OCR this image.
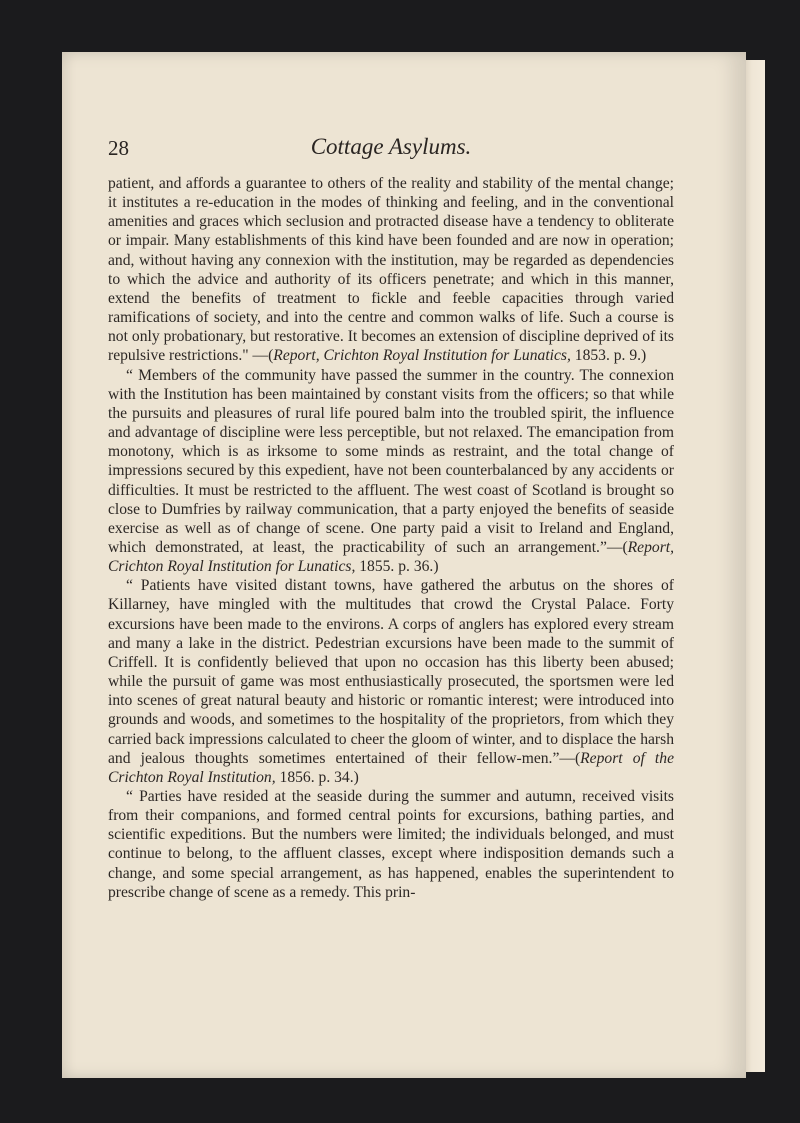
28	Cottage Asylums.

patient, and affords a guarantee to others of the reality and stability of the mental change; it institutes a re-education in the modes of thinking and feeling, and in the conventional amenities and graces which seclusion and protracted disease have a tendency to obliterate or impair. Many establishments of this kind have been founded and are now in operation; and, without having any connexion with the institution, may be regarded as dependencies to which the advice and authority of its officers penetrate; and which in this manner, extend the benefits of treatment to fickle and feeble capacities through varied ramifications of society, and into the centre and common walks of life. Such a course is not only probationary, but restorative. It becomes an extension of discipline deprived of its repulsive restrictions." —(Report, Crichton Royal Institution for Lunatics, 1853. p. 9.)

“ Members of the community have passed the summer in the country. The connexion with the Institution has been maintained by constant visits from the officers; so that while the pursuits and pleasures of rural life poured balm into the troubled spirit, the influence and advantage of discipline were less perceptible, but not relaxed. The emancipation from monotony, which is as irksome to some minds as restraint, and the total change of impressions secured by this expedient, have not been counterbalanced by any accidents or difficulties. It must be restricted to the affluent. The west coast of Scotland is brought so close to Dumfries by railway communication, that a party enjoyed the benefits of seaside exercise as well as of change of scene. One party paid a visit to Ireland and England, which demonstrated, at least, the practicability of such an arrangement.”—(Report, Crichton Royal Institution for Lunatics, 1855. p. 36.)

“ Patients have visited distant towns, have gathered the arbutus on the shores of Killarney, have mingled with the multitudes that crowd the Crystal Palace. Forty excursions have been made to the environs. A corps of anglers has explored every stream and many a lake in the district. Pedestrian excursions have been made to the summit of Criffell. It is confidently believed that upon no occasion has this liberty been abused; while the pursuit of game was most enthusiastically prosecuted, the sportsmen were led into scenes of great natural beauty and historic or romantic interest; were introduced into grounds and woods, and sometimes to the hospitality of the proprietors, from which they carried back impressions calculated to cheer the gloom of winter, and to displace the harsh and jealous thoughts sometimes entertained of their fellow-men.”—(Report of the Crichton Royal Institution, 1856. p. 34.)

“ Parties have resided at the seaside during the summer and autumn, received visits from their companions, and formed central points for excursions, bathing parties, and scientific expeditions. But the numbers were limited; the individuals belonged, and must continue to belong, to the affluent classes, except where indisposition demands such a change, and some special arrangement, as has happened, enables the superintendent to prescribe change of scene as a remedy. This prin-
